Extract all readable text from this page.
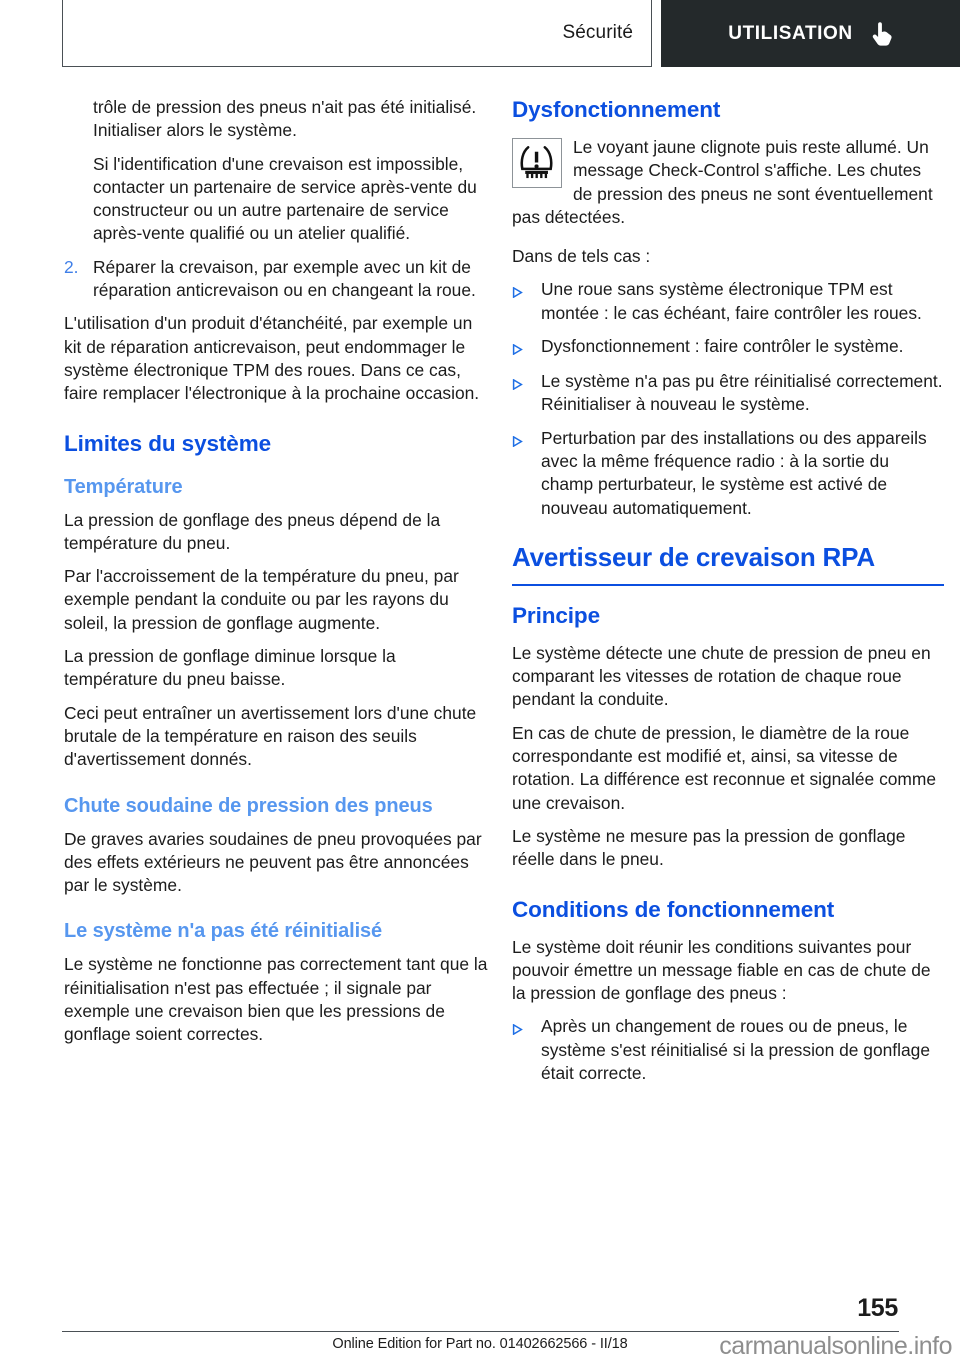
Sécurité	UTILISATION

trôle de pression des pneus n'ait pas été initialisé. Initialiser alors le système.

Si l'identification d'une crevaison est impossible, contacter un partenaire de service après-vente du constructeur ou un autre partenaire de service après-vente qualifié ou un atelier qualifié.

2. Réparer la crevaison, par exemple avec un kit de réparation anticrevaison ou en changeant la roue.

L'utilisation d'un produit d'étanchéité, par exemple un kit de réparation anticrevaison, peut endommager le système électronique TPM des roues. Dans ce cas, faire remplacer l'électronique à la prochaine occasion.

Limites du système
Température

La pression de gonflage des pneus dépend de la température du pneu.

Par l'accroissement de la température du pneu, par exemple pendant la conduite ou par les rayons du soleil, la pression de gonflage augmente.

La pression de gonflage diminue lorsque la température du pneu baisse.

Ceci peut entraîner un avertissement lors d'une chute brutale de la température en raison des seuils d'avertissement donnés.

Chute soudaine de pression des pneus

De graves avaries soudaines de pneu provoquées par des effets extérieurs ne peuvent pas être annoncées par le système.

Le système n'a pas été réinitialisé

Le système ne fonctionne pas correctement tant que la réinitialisation n'est pas effectuée ; il signale par exemple une crevaison bien que les pressions de gonflage soient correctes.

Dysfonctionnement
Le voyant jaune clignote puis reste allumé. Un message Check-Control s'affiche. Les chutes de pression des pneus ne sont éventuellement pas détectées.

Dans de tels cas :

Une roue sans système électronique TPM est montée : le cas échéant, faire contrôler les roues.
Dysfonctionnement : faire contrôler le système.
Le système n'a pas pu être réinitialisé correctement. Réinitialiser à nouveau le système.
Perturbation par des installations ou des appareils avec la même fréquence radio : à la sortie du champ perturbateur, le système est activé de nouveau automatiquement.
Avertisseur de crevaison RPA
Principe

Le système détecte une chute de pression de pneu en comparant les vitesses de rotation de chaque roue pendant la conduite.

En cas de chute de pression, le diamètre de la roue correspondante est modifié et, ainsi, sa vitesse de rotation. La différence est reconnue et signalée comme une crevaison.

Le système ne mesure pas la pression de gonflage réelle dans le pneu.

Conditions de fonctionnement

Le système doit réunir les conditions suivantes pour pouvoir émettre un message fiable en cas de chute de la pression de gonflage des pneus :

Après un changement de roues ou de pneus, le système s'est réinitialisé si la pression de gonflage était correcte.
155
Online Edition for Part no. 01402662566 - II/18	carmanualsonline.info
